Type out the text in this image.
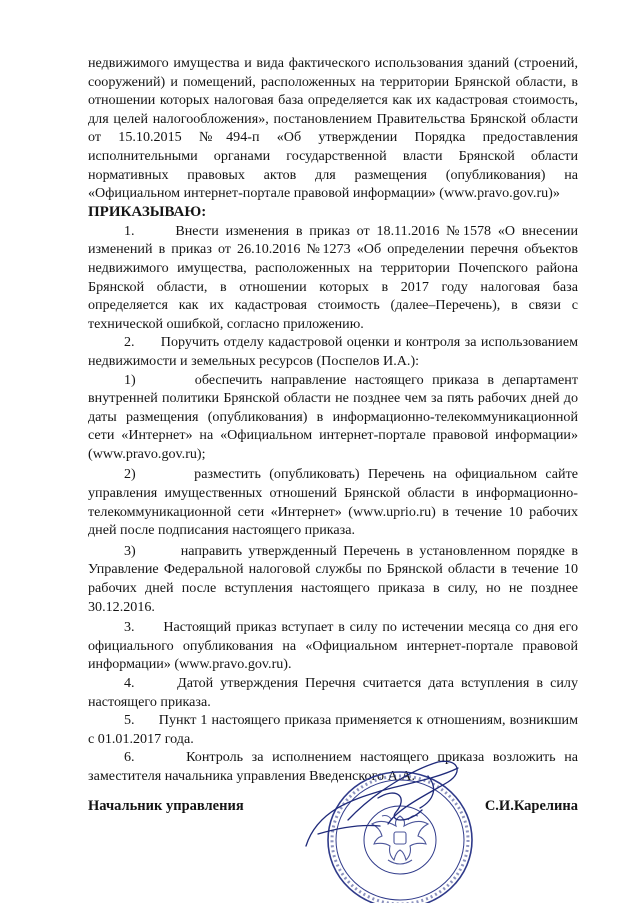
недвижимого имущества и вида фактического использования зданий (строений, сооружений) и помещений, расположенных на территории Брянской области, в отношении которых налоговая база определяется как их кадастровая стоимость, для целей налогообложения», постановлением Правительства Брянской области от 15.10.2015 №494-п «Об утверждении Порядка предоставления исполнительными органами государственной власти Брянской области нормативных правовых актов для размещения (опубликования) на «Официальном интернет-портале правовой информации» (www.pravo.gov.ru)»

ПРИКАЗЫВАЮ:

1.	Внести изменения в приказ от 18.11.2016 №1578 «О внесении изменений в приказ от 26.10.2016 №1273 «Об определении перечня объектов недвижимого имущества, расположенных на территории Почепского района Брянской области, в отношении которых в 2017 году налоговая база определяется как их кадастровая стоимость (далее–Перечень), в связи с технической ошибкой, согласно приложению.

2. Поручить отделу кадастровой оценки и контроля за использованием недвижимости и земельных ресурсов (Поспелов И.А.):

1)	обеспечить направление настоящего приказа в департамент внутренней политики Брянской области не позднее чем за пять рабочих дней до даты размещения (опубликования) в информационно-телекоммуникационной сети «Интернет» на «Официальном интернет-портале правовой информации» (www.pravo.gov.ru);

2)	разместить (опубликовать) Перечень на официальном сайте управления имущественных отношений Брянской области в информационно-телекоммуникационной сети «Интернет» (www.uprio.ru) в течение 10 рабочих дней после подписания настоящего приказа.

3)	направить утвержденный Перечень в установленном порядке в Управление Федеральной налоговой службы по Брянской области в течение 10 рабочих дней после вступления настоящего приказа в силу, но не позднее 30.12.2016.

3. Настоящий приказ вступает в силу по истечении месяца со дня его официального опубликования на «Официальном интернет-портале правовой информации» (www.pravo.gov.ru).

4.	Датой утверждения Перечня считается дата вступления в силу настоящего приказа.

5. Пункт 1 настоящего приказа применяется к отношениям, возникшим с 01.01.2017 года.

6.	Контроль за исполнением настоящего приказа возложить на заместителя начальника управления Введенского А.А.

Начальник управления	С.И.Карелина
